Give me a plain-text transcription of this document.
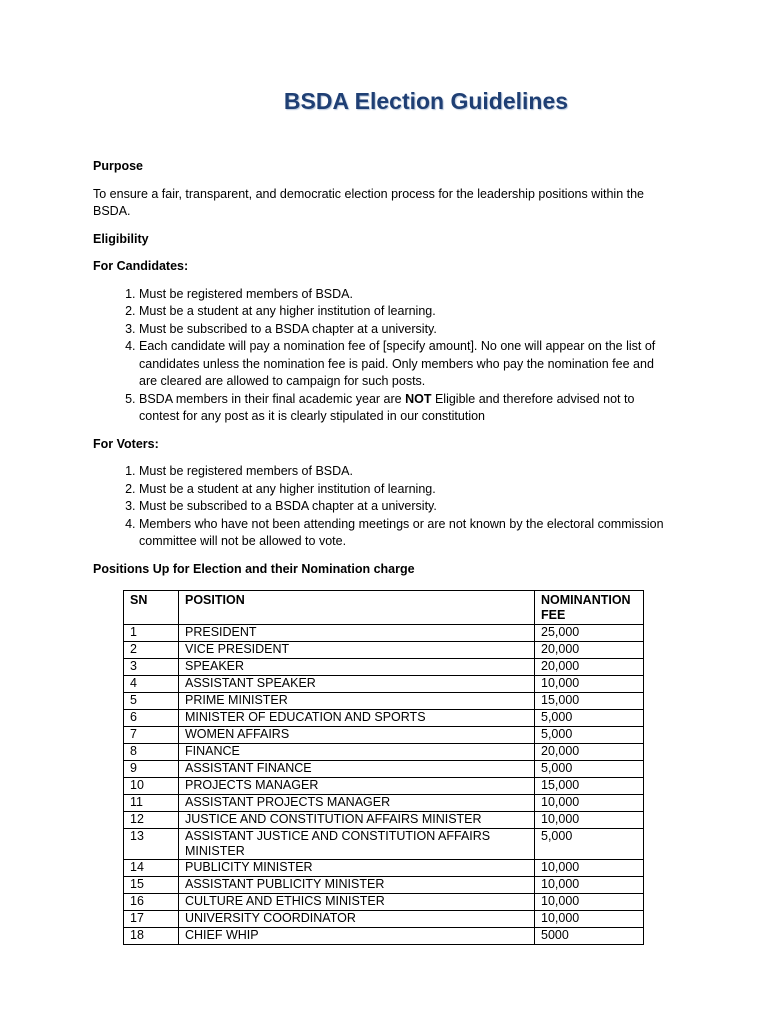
BSDA Election Guidelines
Purpose

To ensure a fair, transparent, and democratic election process for the leadership positions within the BSDA.

Eligibility
For Candidates:
1. Must be registered members of BSDA.
2. Must be a student at any higher institution of learning.
3. Must be subscribed to a BSDA chapter at a university.
4. Each candidate will pay a nomination fee of [specify amount]. No one will appear on the list of candidates unless the nomination fee is paid. Only members who pay the nomination fee and are cleared are allowed to campaign for such posts.
5. BSDA members in their final academic year are NOT Eligible and therefore advised not to contest for any post as it is clearly stipulated in our constitution
For Voters:
1. Must be registered members of BSDA.
2. Must be a student at any higher institution of learning.
3. Must be subscribed to a BSDA chapter at a university.
4. Members who have not been attending meetings or are not known by the electoral commission committee will not be allowed to vote.
Positions Up for Election and their Nomination charge
SN	POSITION	NOMINANTION FEE
1	PRESIDENT	25,000
2	VICE PRESIDENT	20,000
3	SPEAKER	20,000
4	ASSISTANT SPEAKER	10,000
5	PRIME MINISTER	15,000
6	MINISTER OF EDUCATION AND SPORTS	5,000
7	WOMEN AFFAIRS	5,000
8	FINANCE	20,000
9	ASSISTANT FINANCE	5,000
10	PROJECTS MANAGER	15,000
11	ASSISTANT PROJECTS MANAGER	10,000
12	JUSTICE AND CONSTITUTION AFFAIRS MINISTER	10,000
13	ASSISTANT JUSTICE AND CONSTITUTION AFFAIRS MINISTER	5,000
14	PUBLICITY MINISTER	10,000
15	ASSISTANT PUBLICITY MINISTER	10,000
16	CULTURE AND ETHICS MINISTER	10,000
17	UNIVERSITY COORDINATOR	10,000
18	CHIEF WHIP	5000
